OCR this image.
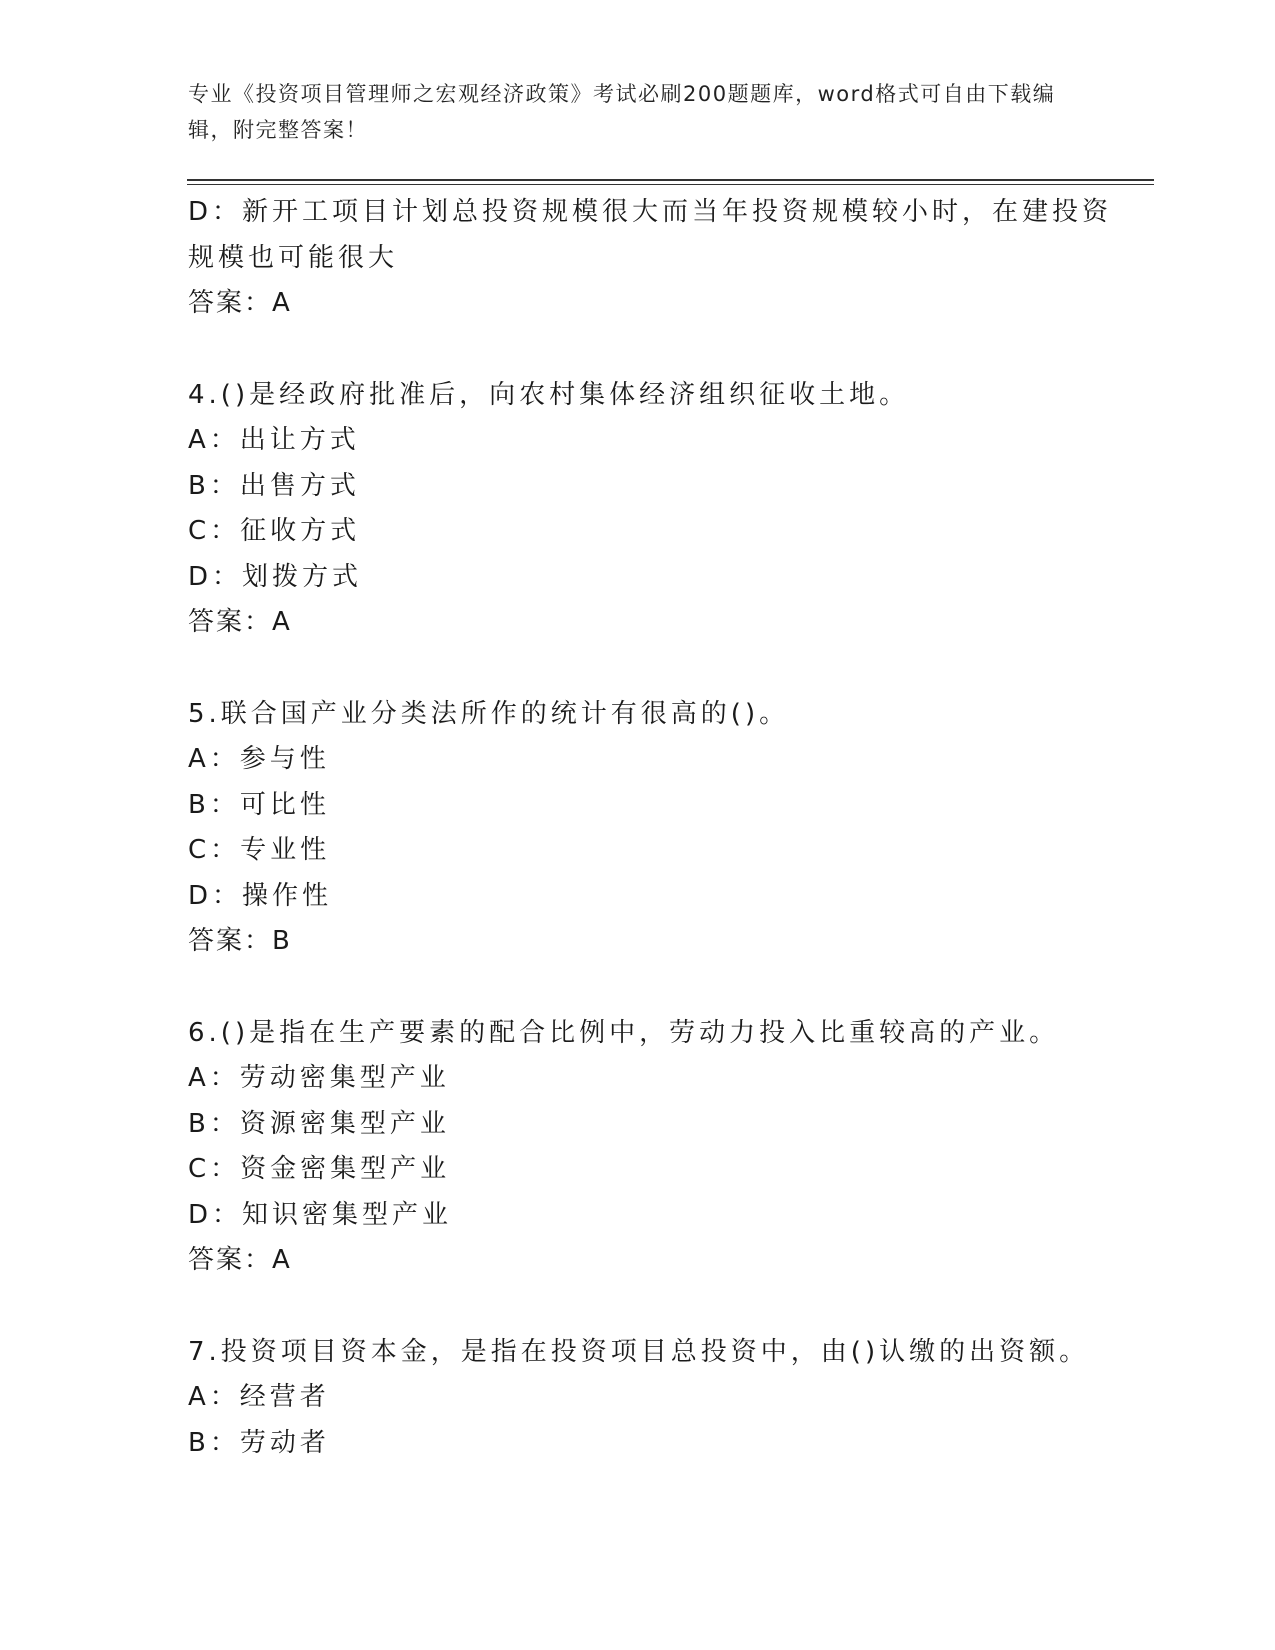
专业《投资项目管理师之宏观经济政策》考试必刷200题题库，word格式可自由下载编辑，附完整答案！

D：新开工项目计划总投资规模很大而当年投资规模较小时，在建投资

规模也可能很大

答案：A

4.()是经政府批准后，向农村集体经济组织征收土地。

A：出让方式

B：出售方式

C：征收方式

D：划拨方式

答案：A

5.联合国产业分类法所作的统计有很高的()。

A：参与性

B：可比性

C：专业性

D：操作性

答案：B

6.()是指在生产要素的配合比例中，劳动力投入比重较高的产业。

A：劳动密集型产业

B：资源密集型产业

C：资金密集型产业

D：知识密集型产业

答案：A

7.投资项目资本金，是指在投资项目总投资中，由()认缴的出资额。

A：经营者

B：劳动者
